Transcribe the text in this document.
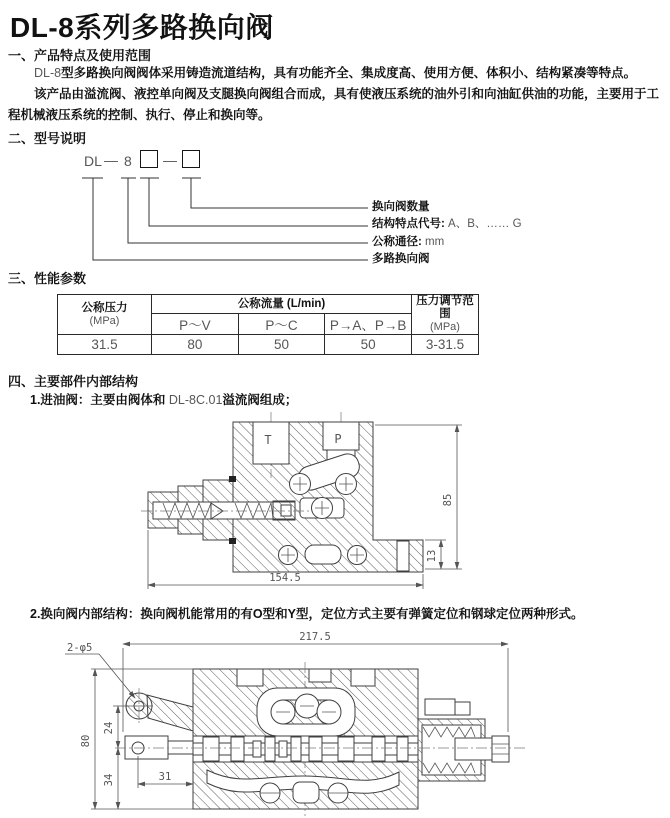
DL-8系列多路换向阀
一、产品特点及使用范围
DL-8型多路换向阀阀体采用铸造流道结构，具有功能齐全、集成度高、使用方便、体积小、结构紧凑等特点。
该产品由溢流阀、液控单向阀及支腿换向阀组合而成，具有使液压系统的油外引和向油缸供油的功能，主要用于工程机械液压系统的控制、执行、停止和换向等。
二、型号说明
DL — 8 —
换向阀数量
结构特点代号: A、B、…… G
公称通径: mm
多路换向阀
三、性能参数
公称压力
(MPa)

公称流量 (L/min)	压力调节范围
(MPa)

	P～V	P～C	P→A、P→B	
31.5	80	50	50	3-31.5
四、主要部件内部结构
1.进油阀：主要由阀体和 DL-8C.01溢流阀组成；
T	P
85
13
154.5
2.换向阀内部结构：换向阀机能常用的有O型和Y型，定位方式主要有弹簧定位和钢球定位两种形式。
217.5
2-φ5
80
24
34	31
